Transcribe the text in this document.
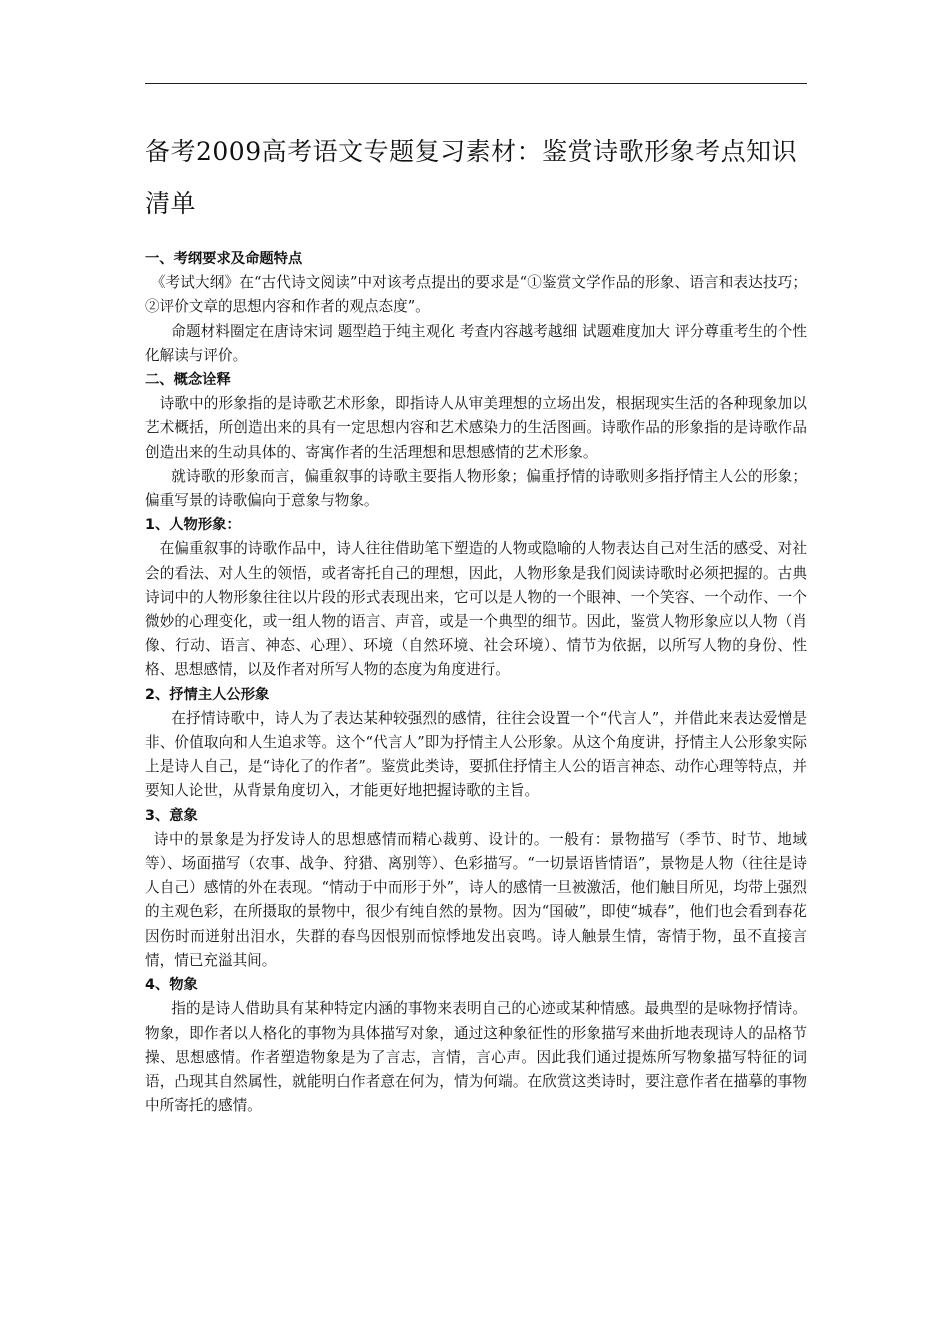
备考2009高考语文专题复习素材：鉴赏诗歌形象考点知识清单
一、考纲要求及命题特点

《考试大纲》在“古代诗文阅读”中对该考点提出的要求是“①鉴赏文学作品的形象、语言和表达技巧；②评价文章的思想内容和作者的观点态度”。

命题材料圈定在唐诗宋词 题型趋于纯主观化 考查内容越考越细 试题难度加大 评分尊重考生的个性化解读与评价。

二、概念诠释

诗歌中的形象指的是诗歌艺术形象，即指诗人从审美理想的立场出发，根据现实生活的各种现象加以艺术概括，所创造出来的具有一定思想内容和艺术感染力的生活图画。诗歌作品的形象指的是诗歌作品创造出来的生动具体的、寄寓作者的生活理想和思想感情的艺术形象。

就诗歌的形象而言，偏重叙事的诗歌主要指人物形象；偏重抒情的诗歌则多指抒情主人公的形象；偏重写景的诗歌偏向于意象与物象。

1、人物形象：

在偏重叙事的诗歌作品中，诗人往往借助笔下塑造的人物或隐喻的人物表达自己对生活的感受、对社会的看法、对人生的领悟，或者寄托自己的理想，因此，人物形象是我们阅读诗歌时必须把握的。古典诗词中的人物形象往往以片段的形式表现出来，它可以是人物的一个眼神、一个笑容、一个动作、一个微妙的心理变化，或一组人物的语言、声音，或是一个典型的细节。因此，鉴赏人物形象应以人物（肖像、行动、语言、神态、心理）、环境（自然环境、社会环境）、情节为依据，以所写人物的身份、性格、思想感情，以及作者对所写人物的态度为角度进行。

2、抒情主人公形象

在抒情诗歌中，诗人为了表达某种较强烈的感情，往往会设置一个“代言人”，并借此来表达爱憎是非、价值取向和人生追求等。这个“代言人”即为抒情主人公形象。从这个角度讲，抒情主人公形象实际上是诗人自己，是“诗化了的作者”。鉴赏此类诗，要抓住抒情主人公的语言神态、动作心理等特点，并要知人论世，从背景角度切入，才能更好地把握诗歌的主旨。

3、意象

诗中的景象是为抒发诗人的思想感情而精心裁剪、设计的。一般有：景物描写（季节、时节、地域等）、场面描写（农事、战争、狩猎、离别等）、色彩描写。“一切景语皆情语”，景物是人物（往往是诗人自己）感情的外在表现。“情动于中而形于外”，诗人的感情一旦被激活，他们触目所见，均带上强烈的主观色彩，在所摄取的景物中，很少有纯自然的景物。因为“国破”，即使“城春”，他们也会看到春花因伤时而迸射出泪水，失群的春鸟因恨别而惊悸地发出哀鸣。诗人触景生情，寄情于物，虽不直接言情，情已充溢其间。

4、物象

指的是诗人借助具有某种特定内涵的事物来表明自己的心迹或某种情感。最典型的是咏物抒情诗。物象，即作者以人格化的事物为具体描写对象，通过这种象征性的形象描写来曲折地表现诗人的品格节操、思想感情。作者塑造物象是为了言志，言情，言心声。因此我们通过提炼所写物象描写特征的词语，凸现其自然属性，就能明白作者意在何为，情为何端。在欣赏这类诗时，要注意作者在描摹的事物中所寄托的感情。
